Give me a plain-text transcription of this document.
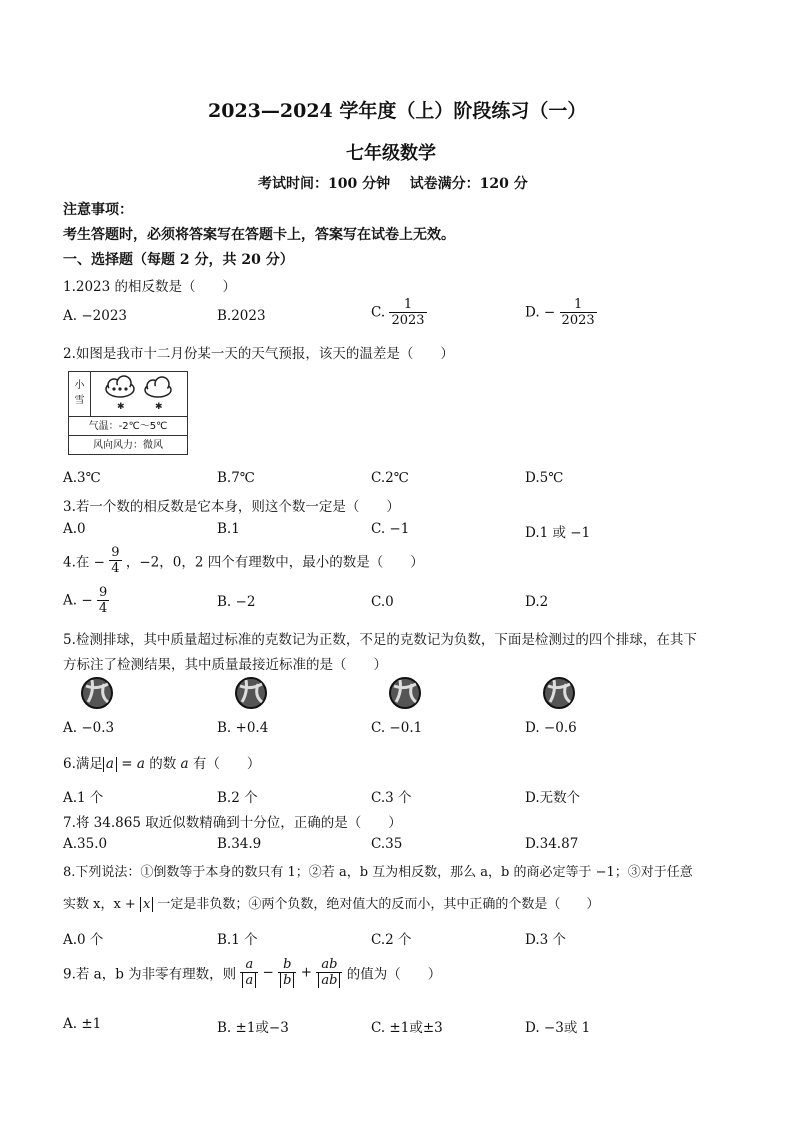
2023—2024 学年度（上）阶段练习（一）
七年级数学
考试时间：100 分钟    试卷满分：120 分
注意事项：
考生答题时，必须将答案写在答题卡上，答案写在试卷上无效。
一、选择题（每题 2 分，共 20 分）
1.2023 的相反数是（　　）
A. −2023	B.2023	C. $\frac{1}{2023}$	D. − $\frac{1}{2023}$
2.如图是我市十二月份某一天的天气预报，该天的温差是（　　）
小雪
✱	✱
气温：-2℃～5℃
风向风力：微风
A.3℃	B.7℃	C.2℃	D.5℃
3.若一个数的相反数是它本身，则这个数一定是（　　）
A.0	B.1	C. −1	D.1 或 −1
4.在 − $\frac{9}{4}$ ，−2，0，2 四个有理数中，最小的数是（　　）
A. − $\frac{9}{4}$	B. −2	C.0	D.2
5.检测排球，其中质量超过标准的克数记为正数，不足的克数记为负数，下面是检测过的四个排球，在其下
方标注了检测结果，其中质量最接近标准的是（　　）
A. −0.3	B. +0.4	C. −0.1	D. −0.6
6.满足 a = a 的数 a 有（　　）
A.1 个	B.2 个	C.3 个	D.无数个
7.将 34.865 取近似数精确到十分位，正确的是（　　）
A.35.0	B.34.9	C.35	D.34.87
8.下列说法：①倒数等于本身的数只有 1；②若 a，b 互为相反数，那么 a，b 的商必定等于 −1；③对于任意
实数 x，x + x 一定是非负数；④两个负数，绝对值大的反而小，其中正确的个数是（　　）
A.0 个	B.1 个	C.2 个	D.3 个
9.若 a，b 为非零有理数，则 $\frac{a}{a} - \frac{b}{b} + \frac{ab}{ab}$ 的值为（　　）
A. ±1	B. ±1或−3	C. ±1或±3	D. −3或 1
